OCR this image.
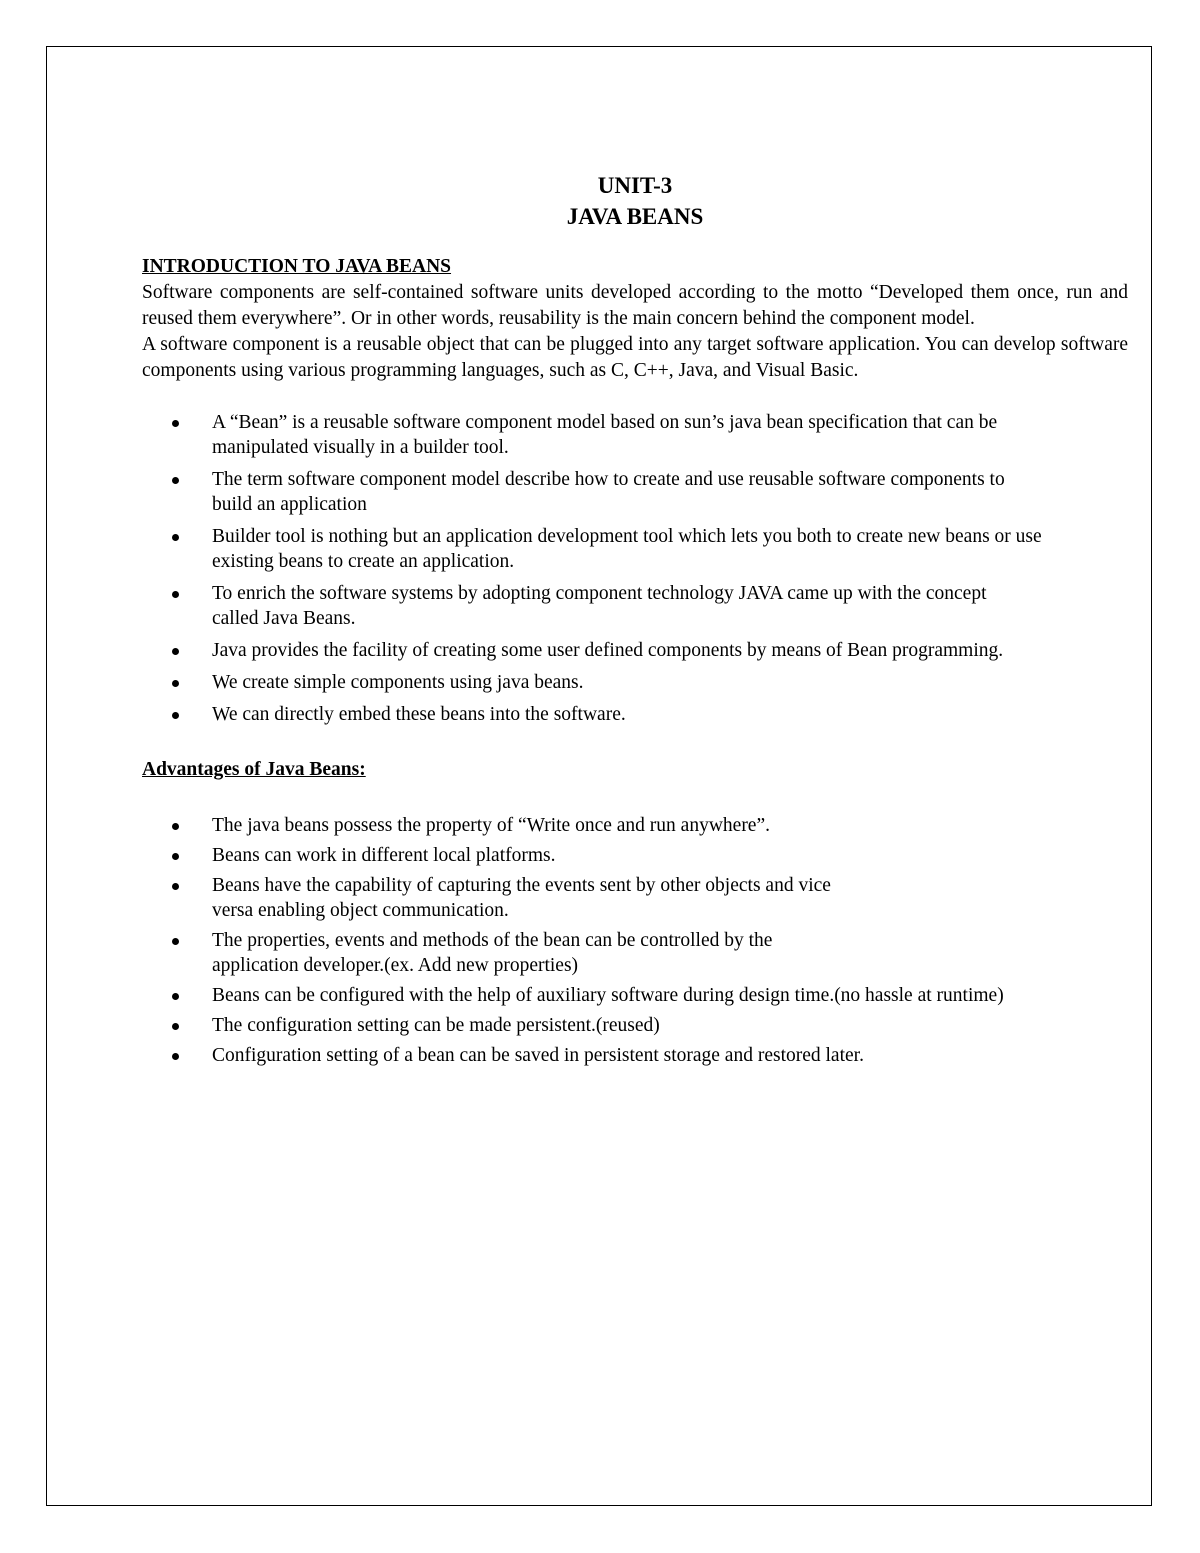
UNIT-3

JAVA BEANS

INTRODUCTION TO JAVA BEANS

Software components are self-contained software units developed according to the motto “Developed them once, run and reused them everywhere”. Or in other words, reusability is the main concern behind the component model.

A software component is a reusable object that can be plugged into any target software application. You can develop software components using various programming languages, such as C, C++, Java, and Visual Basic.

A “Bean” is a reusable software component model based on sun’s java bean specification that can be
manipulated visually in a builder tool.
The term software component model describe how to create and use reusable software components to
build an application
Builder tool is nothing but an application development tool which lets you both to create new beans or use
existing beans to create an application.
To enrich the software systems by adopting component technology JAVA came up with the concept
called Java Beans.
Java provides the facility of creating some user defined components by means of Bean programming.
We create simple components using java beans.
We can directly embed these beans into the software.

Advantages of Java Beans:

The java beans possess the property of “Write once and run anywhere”.
Beans can work in different local platforms.
Beans have the capability of capturing the events sent by other objects and vice
versa enabling object communication.
The properties, events and methods of the bean can be controlled by the
application developer.(ex. Add new properties)
Beans can be configured with the help of auxiliary software during design time.(no hassle at runtime)
The configuration setting can be made persistent.(reused)
Configuration setting of a bean can be saved in persistent storage and restored later.
